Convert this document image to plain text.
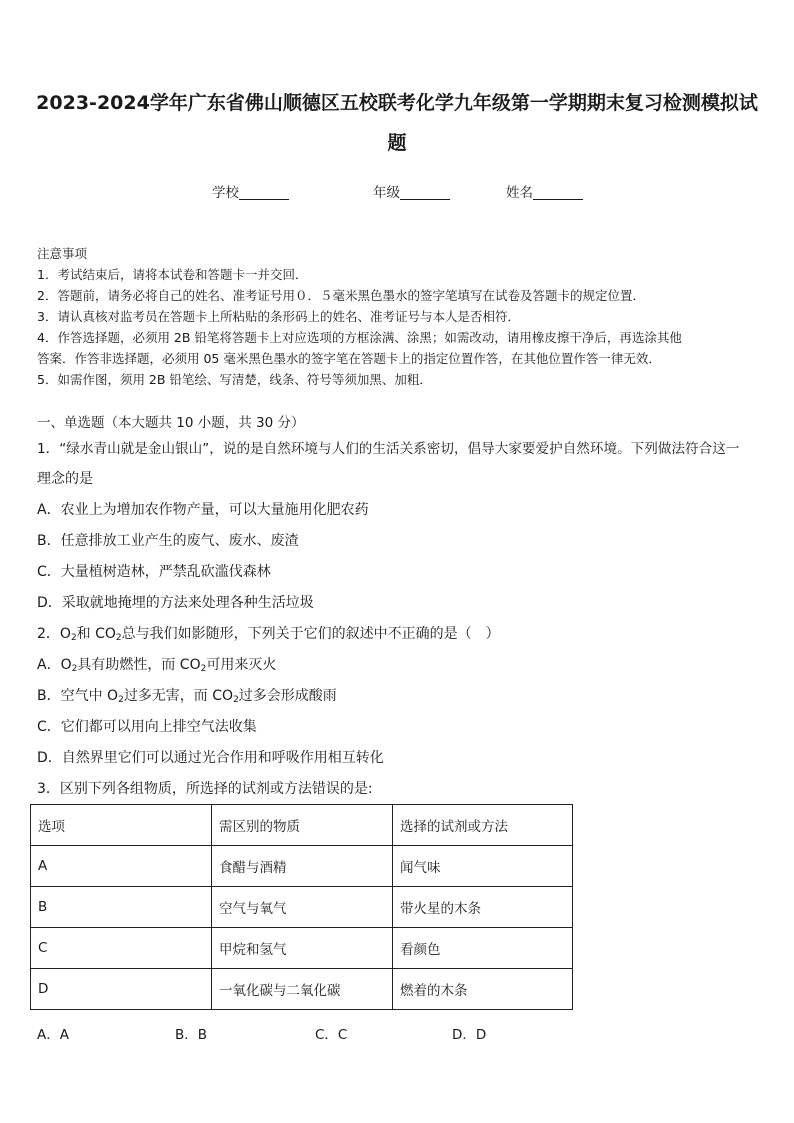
2023-2024学年广东省佛山顺德区五校联考化学九年级第一学期期末复习检测模拟试
题
学校	年级	姓名
注意事项
1．考试结束后，请将本试卷和答题卡一并交回．
2．答题前，请务必将自己的姓名、准考证号用０．５毫米黑色墨水的签字笔填写在试卷及答题卡的规定位置．
3．请认真核对监考员在答题卡上所粘贴的条形码上的姓名、准考证号与本人是否相符．
4．作答选择题，必须用 2B 铅笔将答题卡上对应选项的方框涂满、涂黑；如需改动，请用橡皮擦干净后，再选涂其他
答案．作答非选择题，必须用 05 毫米黑色墨水的签字笔在答题卡上的指定位置作答，在其他位置作答一律无效．
5．如需作图，须用 2B 铅笔绘、写清楚，线条、符号等须加黑、加粗．
一、单选题（本大题共 10 小题，共 30 分）
1．“绿水青山就是金山银山”，说的是自然环境与人们的生活关系密切，倡导大家要爱护自然环境。下列做法符合这一
理念的是
A．农业上为增加农作物产量，可以大量施用化肥农药
B．任意排放工业产生的废气、废水、废渣
C．大量植树造林，严禁乱砍滥伐森林
D．采取就地掩埋的方法来处理各种生活垃圾
2．$O_2$和 $CO_2$总与我们如影随形，下列关于它们的叙述中不正确的是（　）
A．$O_2$具有助燃性，而 $CO_2$可用来灭火
B．空气中 $O_2$过多无害，而 $CO_2$过多会形成酸雨
C．它们都可以用向上排空气法收集
D．自然界里它们可以通过光合作用和呼吸作用相互转化
3．区别下列各组物质，所选择的试剂或方法错误的是:
选项	需区别的物质	选择的试剂或方法
A	食醋与酒精	闻气味
B	空气与氧气	带火星的木条
C	甲烷和氢气	看颜色
D	一氧化碳与二氧化碳	燃着的木条
A．A	B．B	C．C	D．D
